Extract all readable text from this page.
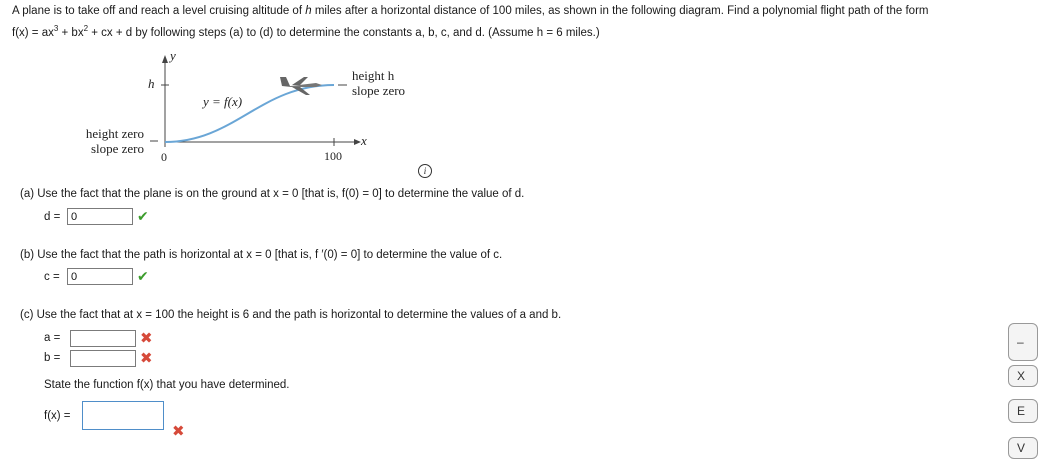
A plane is to take off and reach a level cruising altitude of h miles after a horizontal distance of 100 miles, as shown in the following diagram. Find a polynomial flight path of the form
$f(x) = ax^3 + bx^2$ + cx + d by following steps (a) to (d) to determine the constants a, b, c, and d. (Assume h = 6 miles.)
y
h
y = f(x)
height h
slope zero
height zero
slope zero
0	100
x
i
(a) Use the fact that the plane is on the ground at x = 0 [that is, f(0) = 0] to determine the value of d.
d =
0	✔
(b) Use the fact that the path is horizontal at x = 0 [that is, f ′(0) = 0] to determine the value of c.
c =
0	✔
(c) Use the fact that at x = 100 the height is 6 and the path is horizontal to determine the values of a and b.
a =	✖
b =	✖
State the function f(x) that you have determined.
f(x) =
✖
–
X
E
V
